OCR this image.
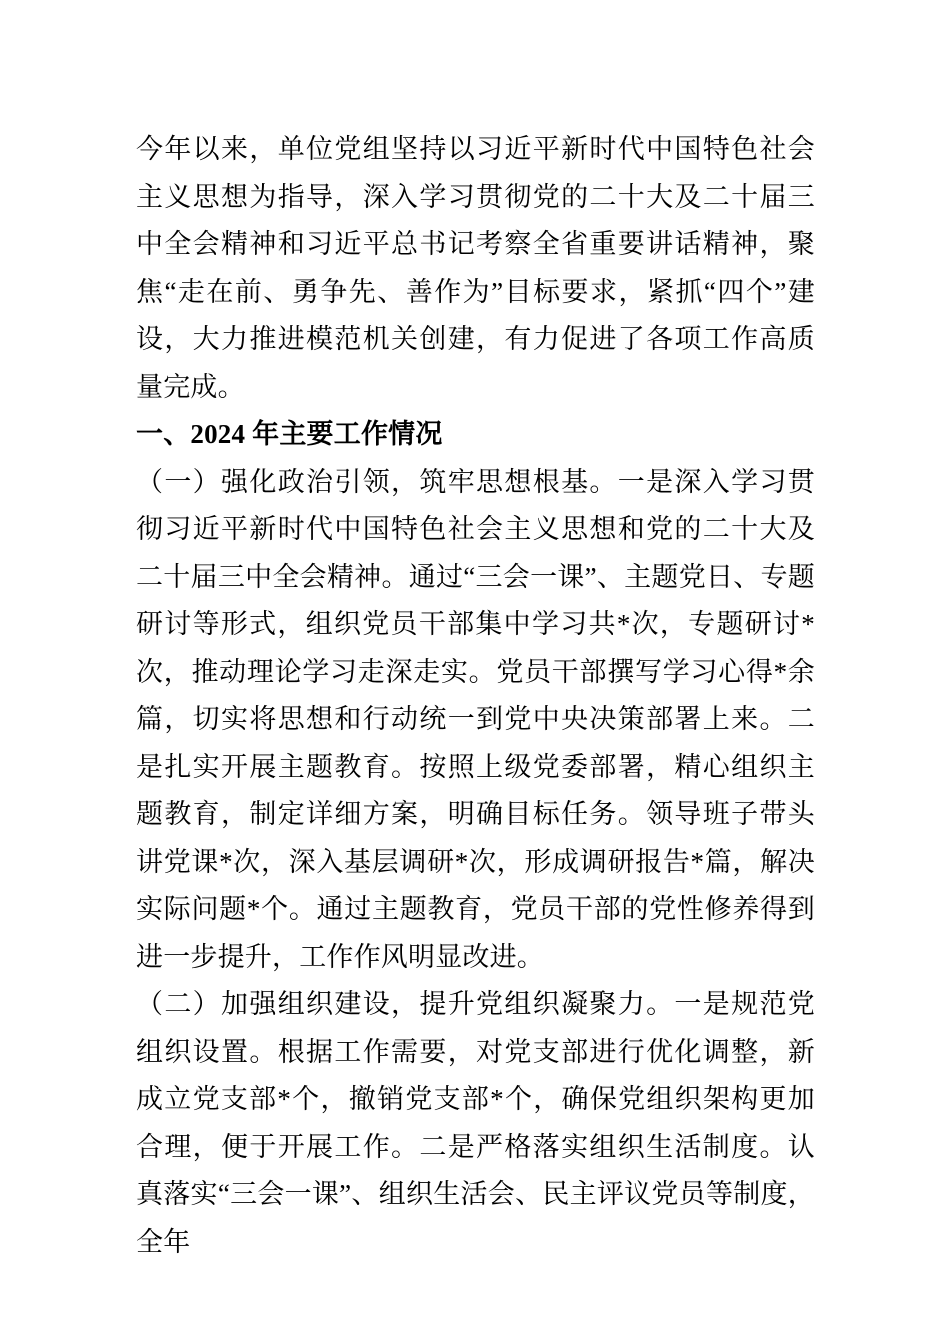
今年以来，单位党组坚持以习近平新时代中国特色社会主义思想为指导，深入学习贯彻党的二十大及二十届三中全会精神和习近平总书记考察全省重要讲话精神，聚焦“走在前、勇争先、善作为”目标要求，紧抓“四个”建设，大力推进模范机关创建，有力促进了各项工作高质量完成。

一、2024 年主要工作情况

（一）强化政治引领，筑牢思想根基。一是深入学习贯彻习近平新时代中国特色社会主义思想和党的二十大及二十届三中全会精神。通过“三会一课”、主题党日、专题研讨等形式，组织党员干部集中学习共*次，专题研讨*次，推动理论学习走深走实。党员干部撰写学习心得*余篇，切实将思想和行动统一到党中央决策部署上来。二是扎实开展主题教育。按照上级党委部署，精心组织主题教育，制定详细方案，明确目标任务。领导班子带头讲党课*次，深入基层调研*次，形成调研报告*篇，解决实际问题*个。通过主题教育，党员干部的党性修养得到进一步提升，工作作风明显改进。

（二）加强组织建设，提升党组织凝聚力。一是规范党组织设置。根据工作需要，对党支部进行优化调整，新成立党支部*个，撤销党支部*个，确保党组织架构更加合理，便于开展工作。二是严格落实组织生活制度。认真落实“三会一课”、组织生活会、民主评议党员等制度，全年
